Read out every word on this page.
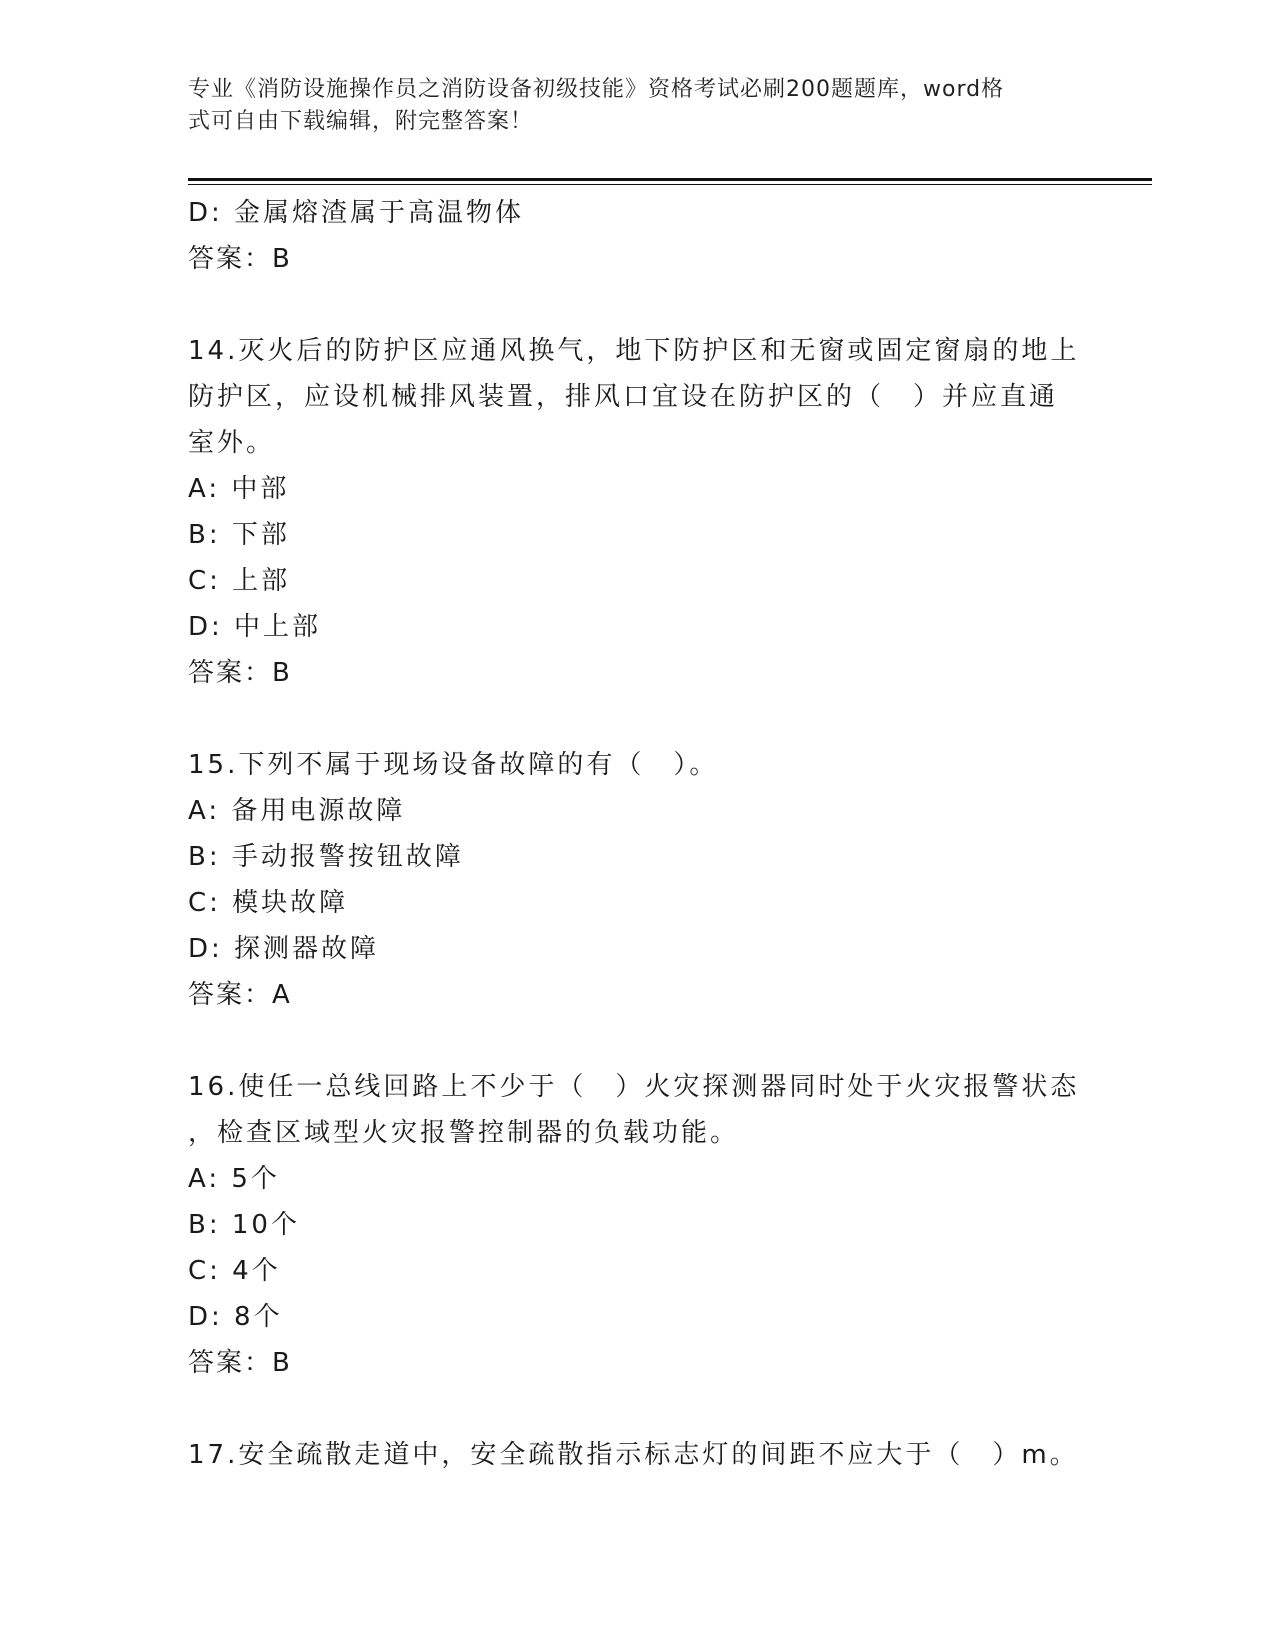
专业《消防设施操作员之消防设备初级技能》资格考试必刷200题题库，word格
式可自由下载编辑，附完整答案！
D: 金属熔渣属于高温物体
答案：B
14.灭火后的防护区应通风换气，地下防护区和无窗或固定窗扇的地上
防护区，应设机械排风装置，排风口宜设在防护区的（　）并应直通
室外。
A: 中部
B: 下部
C: 上部
D: 中上部
答案：B
15.下列不属于现场设备故障的有（　）。
A: 备用电源故障
B: 手动报警按钮故障
C: 模块故障
D: 探测器故障
答案：A
16.使任一总线回路上不少于（　）火灾探测器同时处于火灾报警状态
，检查区域型火灾报警控制器的负载功能。
A: 5个
B: 10个
C: 4个
D: 8个
答案：B
17.安全疏散走道中，安全疏散指示标志灯的间距不应大于（　）m。
